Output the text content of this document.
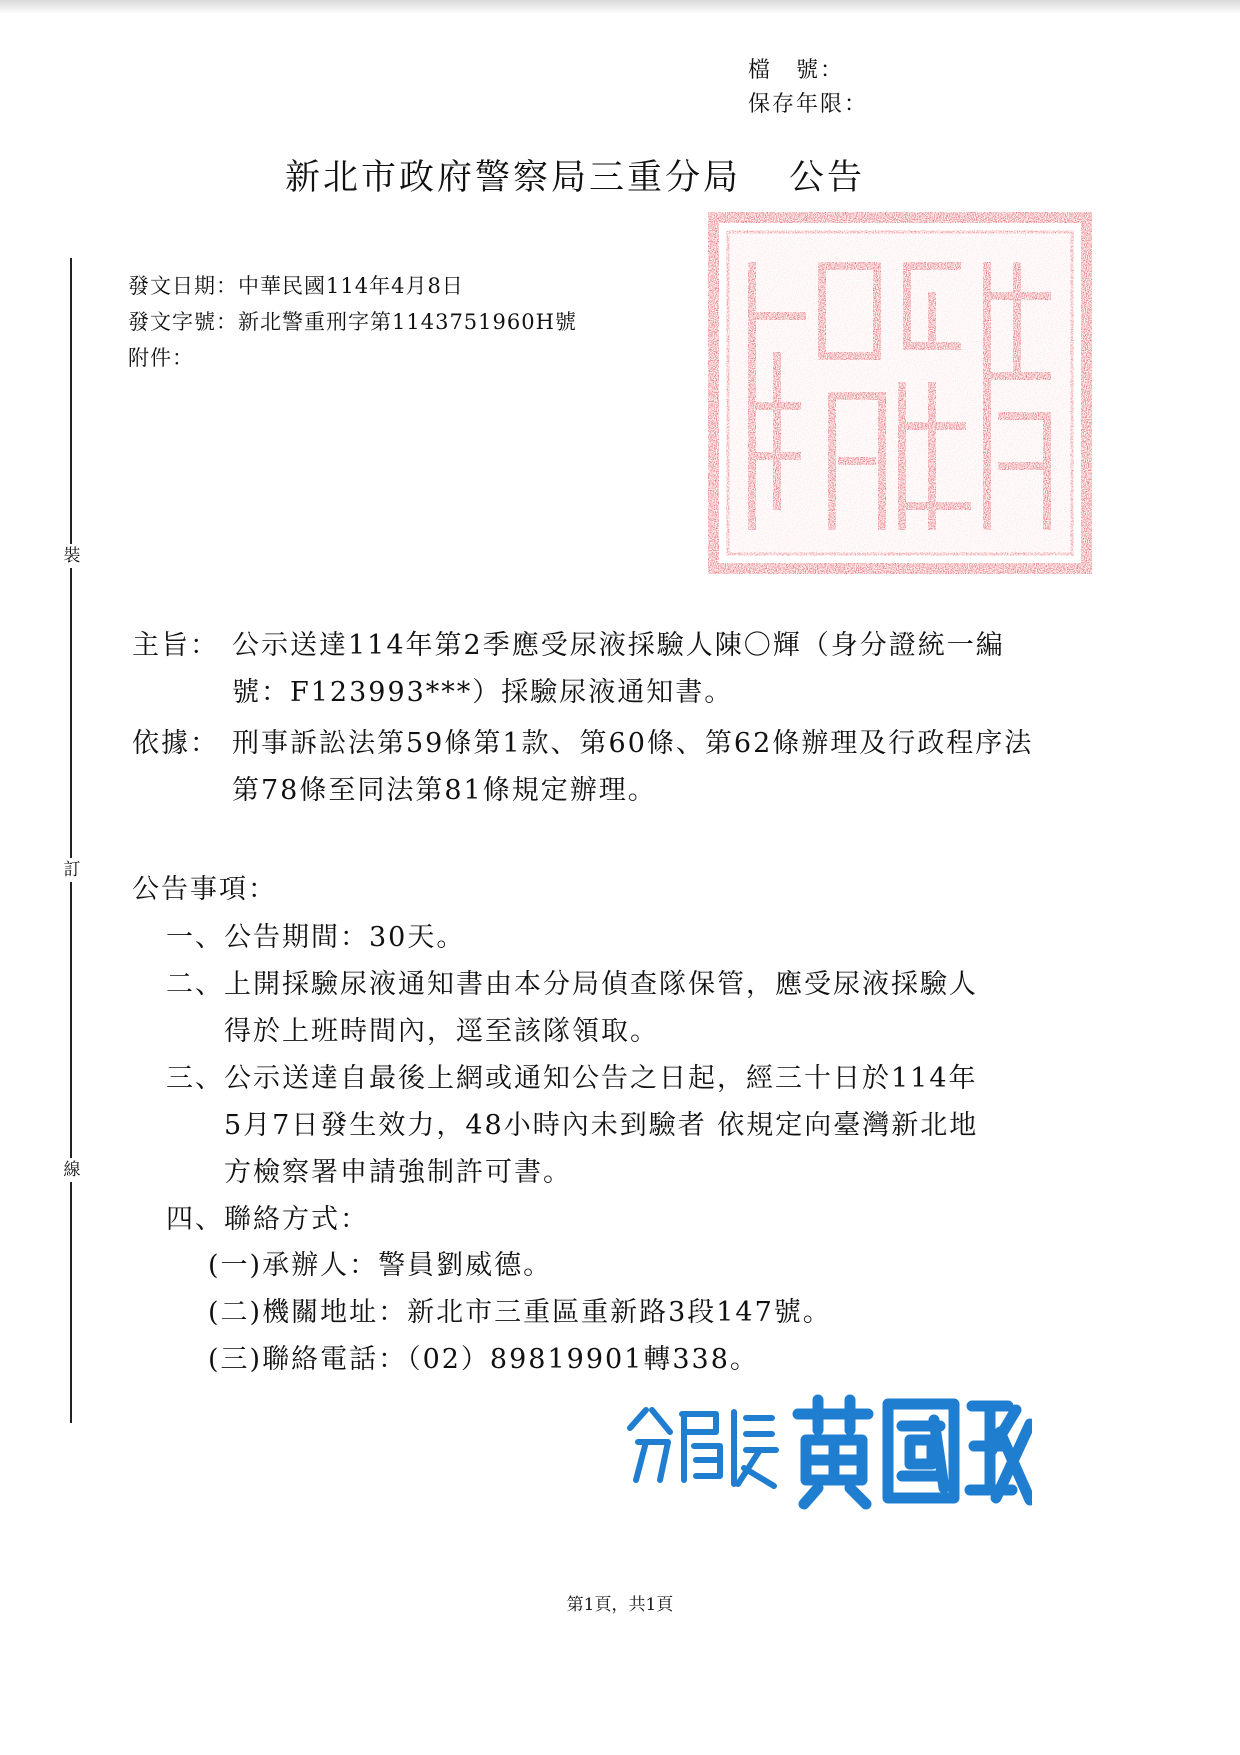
檔　號：
保存年限：
新北市政府警察局三重分局 公告
發文日期：中華民國114年4月8日
發文字號：新北警重刑字第1143751960H號
附件：
裝
訂
線
主旨： 公示送達114年第2季應受尿液採驗人陳〇輝（身分證統一編號：F123993***）採驗尿液通知書。
依據： 刑事訴訟法第59條第1款、第60條、第62條辦理及行政程序法第78條至同法第81條規定辦理。
公告事項：
一、 公告期間：30天。
二、 上開採驗尿液通知書由本分局偵查隊保管，應受尿液採驗人得於上班時間內，逕至該隊領取。
三、 公示送達自最後上網或通知公告之日起，經三十日於114年5月7日發生效力，48小時內未到驗者 依規定向臺灣新北地方檢察署申請強制許可書。
四、 聯絡方式：
(一) 承辦人：警員劉威德。
(二) 機關地址：新北市三重區重新路3段147號。
(三) 聯絡電話：（02）89819901轉338。
第1頁，共1頁
